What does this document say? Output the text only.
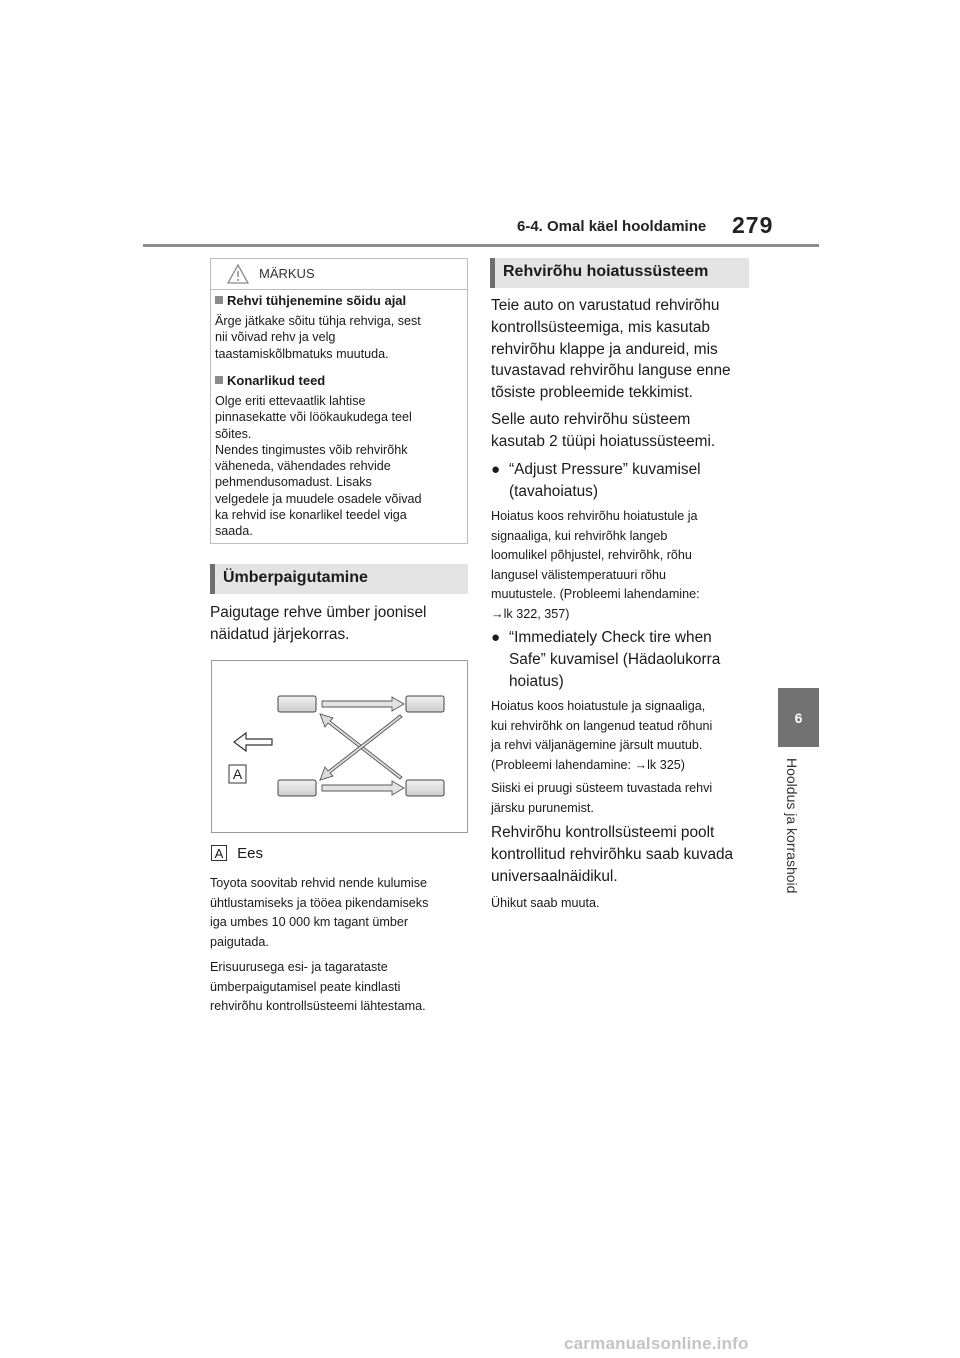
6-4. Omal käel hooldamine 279
6
Hooldus ja korrashoid
MÄRKUS
Rehvi tühjenemine sõidu ajal
Ärge jätkake sõitu tühja rehviga, sest
nii võivad rehv ja velg
taastamiskõlbmatuks muutuda.
Konarlikud teed
Olge eriti ettevaatlik lahtise
pinnasekatte või löökaukudega teel
sõites.
Nendes tingimustes võib rehvirõhk
väheneda, vähendades rehvide
pehmendusomadust. Lisaks
velgedele ja muudele osadele võivad
ka rehvid ise konarlikel teedel viga
saada.
Ümberpaigutamine
Paigutage rehve ümber joonisel
näidatud järjekorras.
A
A Ees
Toyota soovitab rehvid nende kulumise
ühtlustamiseks ja tööea pikendamiseks
iga umbes 10 000 km tagant ümber
paigutada.
Erisuurusega esi- ja tagarataste
ümberpaigutamisel peate kindlasti
rehvirõhu kontrollsüsteemi lähtestama.
Rehvirõhu hoiatussüsteem
Teie auto on varustatud rehvirõhu
kontrollsüsteemiga, mis kasutab
rehvirõhu klappe ja andureid, mis
tuvastavad rehvirõhu languse enne
tõsiste probleemide tekkimist.
Selle auto rehvirõhu süsteem
kasutab 2 tüüpi hoiatussüsteemi.
● “Adjust Pressure” kuvamisel
(tavahoiatus)
Hoiatus koos rehvirõhu hoiatustule ja
signaaliga, kui rehvirõhk langeb
loomulikel põhjustel, rehvirõhk, rõhu
langusel välistemperatuuri rõhu
muutustele. (Probleemi lahendamine:
→lk 322, 357)
● “Immediately Check tire when
Safe” kuvamisel (Hädaolukorra
hoiatus)
Hoiatus koos hoiatustule ja signaaliga,
kui rehvirõhk on langenud teatud rõhuni
ja rehvi väljanägemine järsult muutub.
(Probleemi lahendamine: →lk 325)
Siiski ei pruugi süsteem tuvastada rehvi
järsku purunemist.
Rehvirõhu kontrollsüsteemi poolt
kontrollitud rehvirõhku saab kuvada
universaalnäidikul.
Ühikut saab muuta.
carmanualsonline.info
